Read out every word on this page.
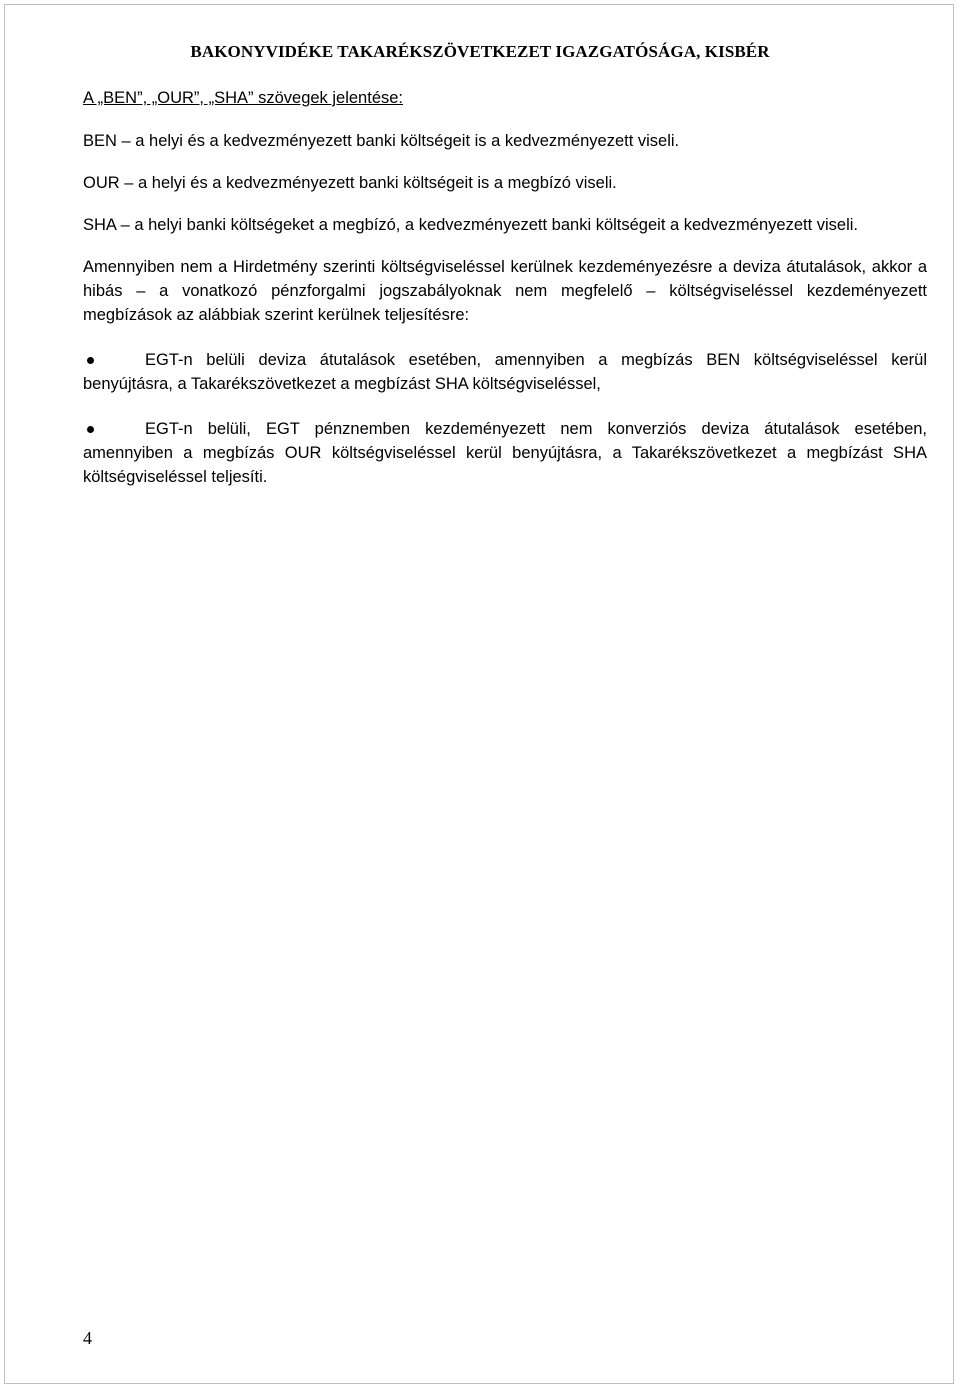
BAKONYVIDÉKE TAKARÉKSZÖVETKEZET IGAZGATÓSÁGA, KISBÉR

A „BEN”, „OUR”, „SHA” szövegek jelentése:

BEN – a helyi és a kedvezményezett banki költségeit is a kedvezményezett viseli.

OUR – a helyi és a kedvezményezett banki költségeit is a megbízó viseli.

SHA – a helyi banki költségeket a megbízó, a kedvezményezett banki költségeit a kedvezményezett viseli.

Amennyiben nem a Hirdetmény szerinti költségviseléssel kerülnek kezdeményezésre a deviza átutalások, akkor a hibás – a vonatkozó pénzforgalmi jogszabályoknak nem megfelelő – költségviseléssel kezdeményezett megbízások az alábbiak szerint kerülnek teljesítésre:

EGT-n belüli deviza átutalások esetében, amennyiben a megbízás BEN költségviseléssel kerül benyújtásra, a Takarékszövetkezet a megbízást SHA költségviseléssel,
EGT-n belüli, EGT pénznemben kezdeményezett nem konverziós deviza átutalások esetében, amennyiben a megbízás OUR költségviseléssel kerül benyújtásra, a Takarékszövetkezet a megbízást SHA költségviseléssel teljesíti.
4
